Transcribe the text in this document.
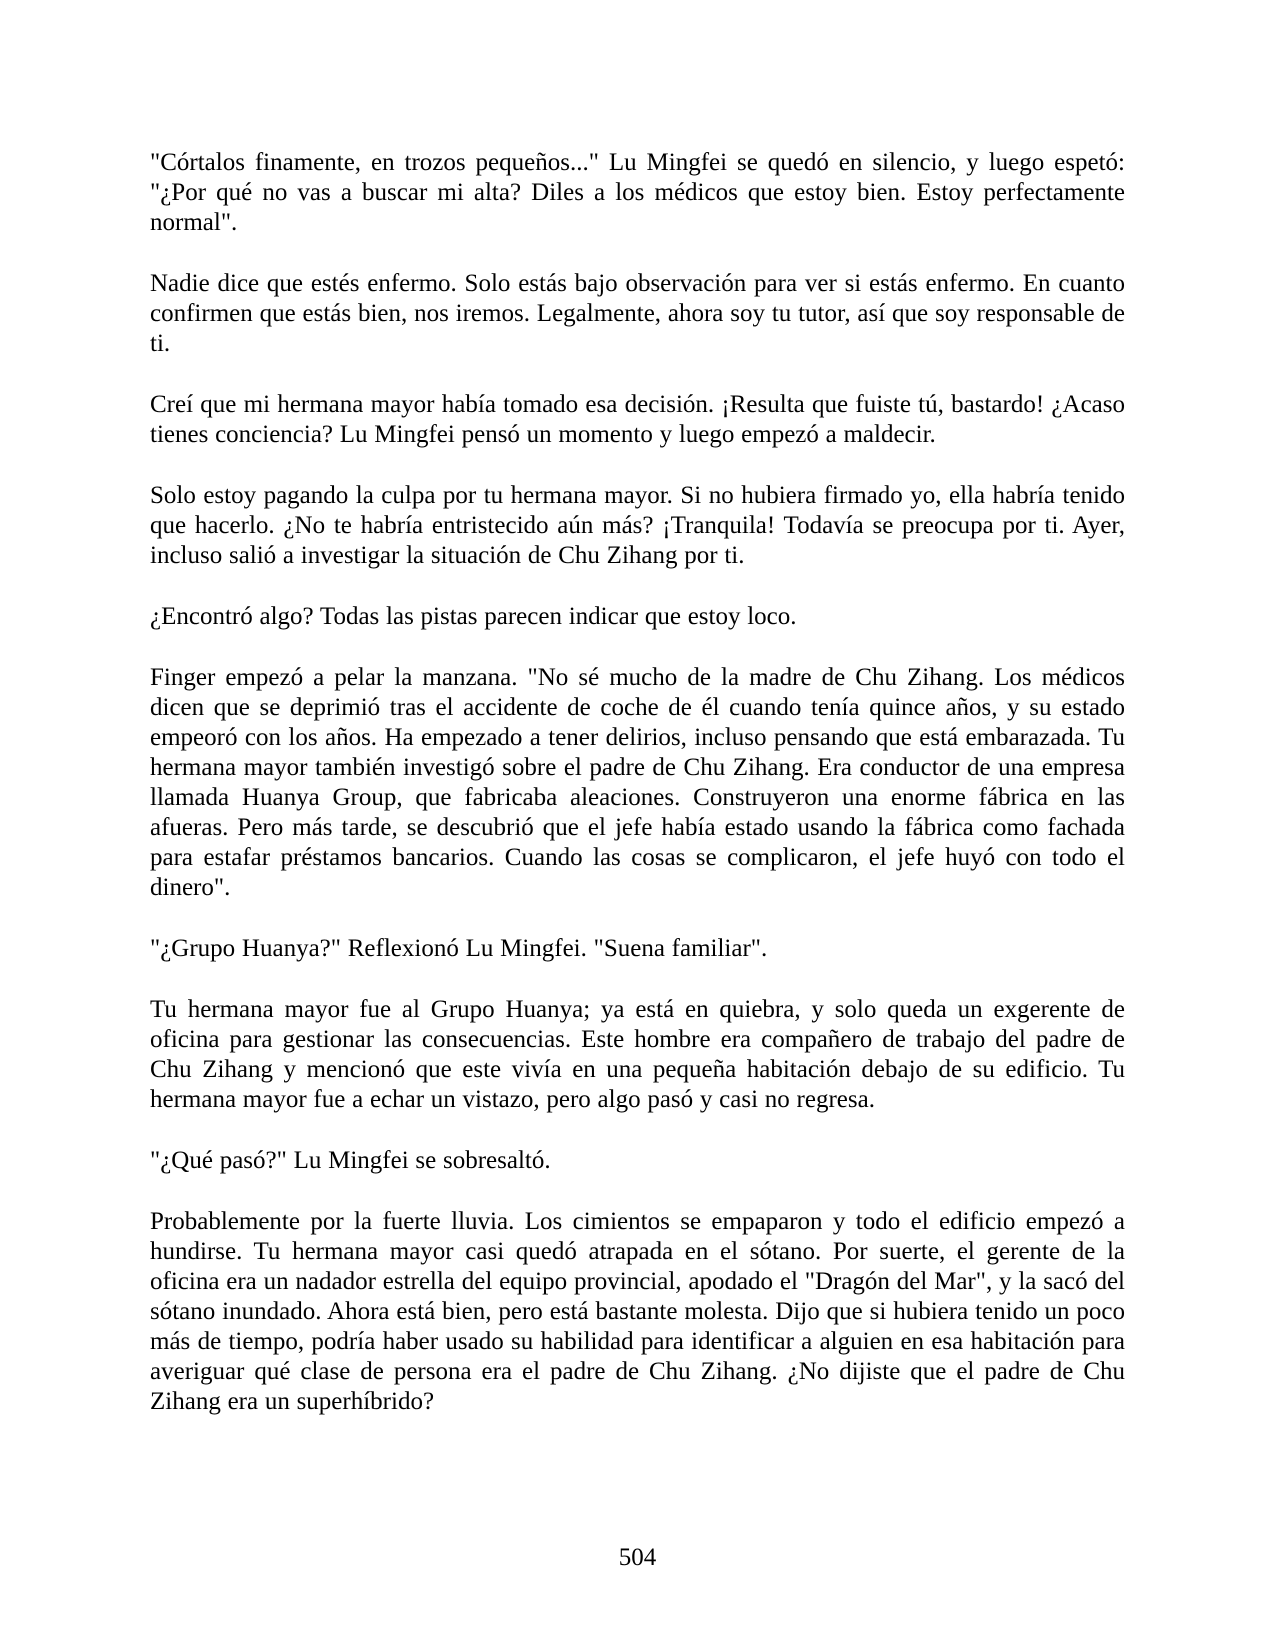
"Córtalos finamente, en trozos pequeños..." Lu Mingfei se quedó en silencio, y luego espetó: "¿Por qué no vas a buscar mi alta? Diles a los médicos que estoy bien. Estoy perfectamente normal".

Nadie dice que estés enfermo. Solo estás bajo observación para ver si estás enfermo. En cuanto confirmen que estás bien, nos iremos. Legalmente, ahora soy tu tutor, así que soy responsable de ti.

Creí que mi hermana mayor había tomado esa decisión. ¡Resulta que fuiste tú, bastardo! ¿Acaso tienes conciencia? Lu Mingfei pensó un momento y luego empezó a maldecir.

Solo estoy pagando la culpa por tu hermana mayor. Si no hubiera firmado yo, ella habría tenido que hacerlo. ¿No te habría entristecido aún más? ¡Tranquila! Todavía se preocupa por ti. Ayer, incluso salió a investigar la situación de Chu Zihang por ti.

¿Encontró algo? Todas las pistas parecen indicar que estoy loco.

Finger empezó a pelar la manzana. "No sé mucho de la madre de Chu Zihang. Los médicos dicen que se deprimió tras el accidente de coche de él cuando tenía quince años, y su estado empeoró con los años. Ha empezado a tener delirios, incluso pensando que está embarazada. Tu hermana mayor también investigó sobre el padre de Chu Zihang. Era conductor de una empresa llamada Huanya Group, que fabricaba aleaciones. Construyeron una enorme fábrica en las afueras. Pero más tarde, se descubrió que el jefe había estado usando la fábrica como fachada para estafar préstamos bancarios. Cuando las cosas se complicaron, el jefe huyó con todo el dinero".

"¿Grupo Huanya?" Reflexionó Lu Mingfei. "Suena familiar".

Tu hermana mayor fue al Grupo Huanya; ya está en quiebra, y solo queda un exgerente de oficina para gestionar las consecuencias. Este hombre era compañero de trabajo del padre de Chu Zihang y mencionó que este vivía en una pequeña habitación debajo de su edificio. Tu hermana mayor fue a echar un vistazo, pero algo pasó y casi no regresa.

"¿Qué pasó?" Lu Mingfei se sobresaltó.

Probablemente por la fuerte lluvia. Los cimientos se empaparon y todo el edificio empezó a hundirse. Tu hermana mayor casi quedó atrapada en el sótano. Por suerte, el gerente de la oficina era un nadador estrella del equipo provincial, apodado el "Dragón del Mar", y la sacó del sótano inundado. Ahora está bien, pero está bastante molesta. Dijo que si hubiera tenido un poco más de tiempo, podría haber usado su habilidad para identificar a alguien en esa habitación para averiguar qué clase de persona era el padre de Chu Zihang. ¿No dijiste que el padre de Chu Zihang era un superhíbrido?

504
